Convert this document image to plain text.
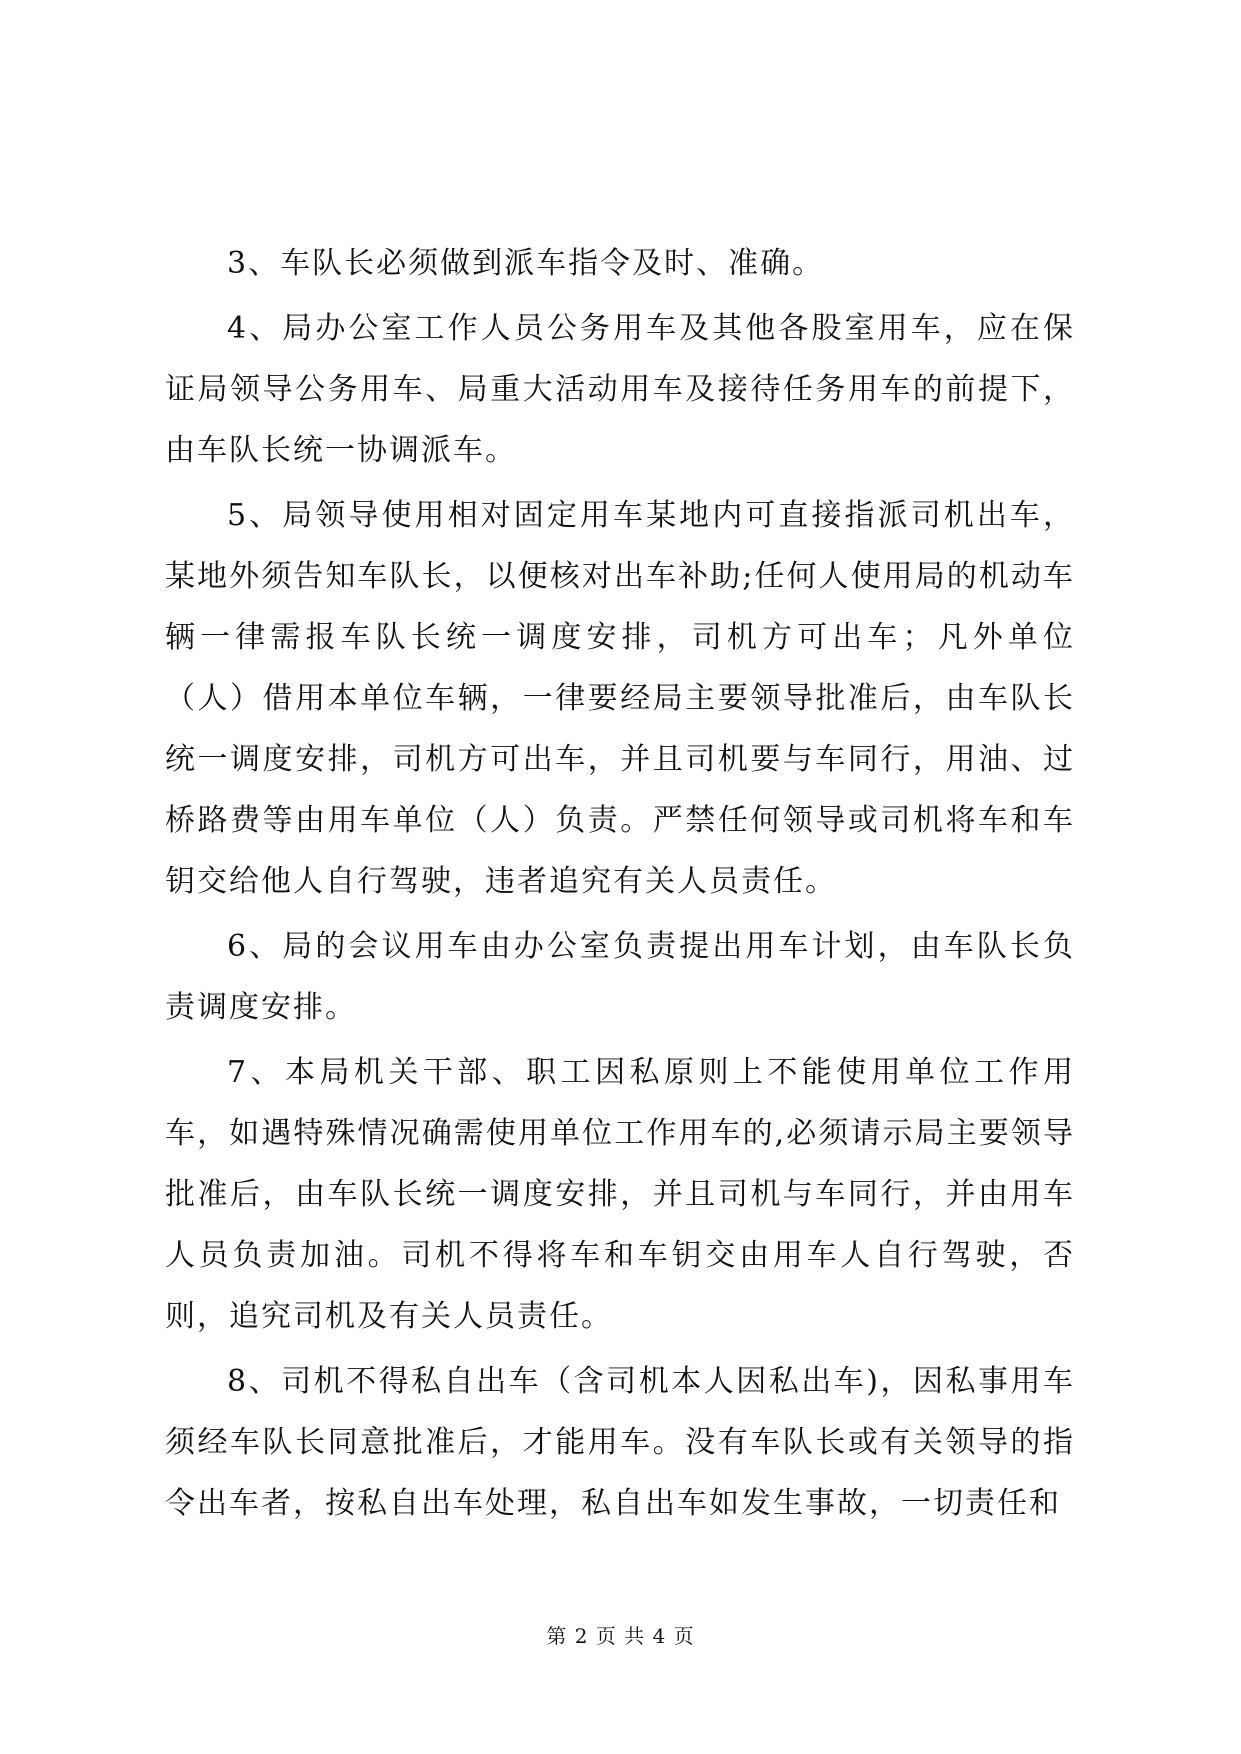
3、车队长必须做到派车指令及时、准确。

4、局办公室工作人员公务用车及其他各股室用车，应在保证局领导公务用车、局重大活动用车及接待任务用车的前提下，由车队长统一协调派车。

5、局领导使用相对固定用车某地内可直接指派司机出车，某地外须告知车队长，以便核对出车补助;任何人使用局的机动车辆一律需报车队长统一调度安排，司机方可出车；凡外单位（人）借用本单位车辆，一律要经局主要领导批准后，由车队长统一调度安排，司机方可出车，并且司机要与车同行，用油、过桥路费等由用车单位（人）负责。严禁任何领导或司机将车和车钥交给他人自行驾驶，违者追究有关人员责任。

6、局的会议用车由办公室负责提出用车计划，由车队长负责调度安排。

7、本局机关干部、职工因私原则上不能使用单位工作用车，如遇特殊情况确需使用单位工作用车的,必须请示局主要领导批准后，由车队长统一调度安排，并且司机与车同行，并由用车人员负责加油。司机不得将车和车钥交由用车人自行驾驶，否则，追究司机及有关人员责任。

8、司机不得私自出车（含司机本人因私出车)，因私事用车须经车队长同意批准后，才能用车。没有车队长或有关领导的指令出车者，按私自出车处理，私自出车如发生事故，一切责任和

第 2 页 共 4 页
